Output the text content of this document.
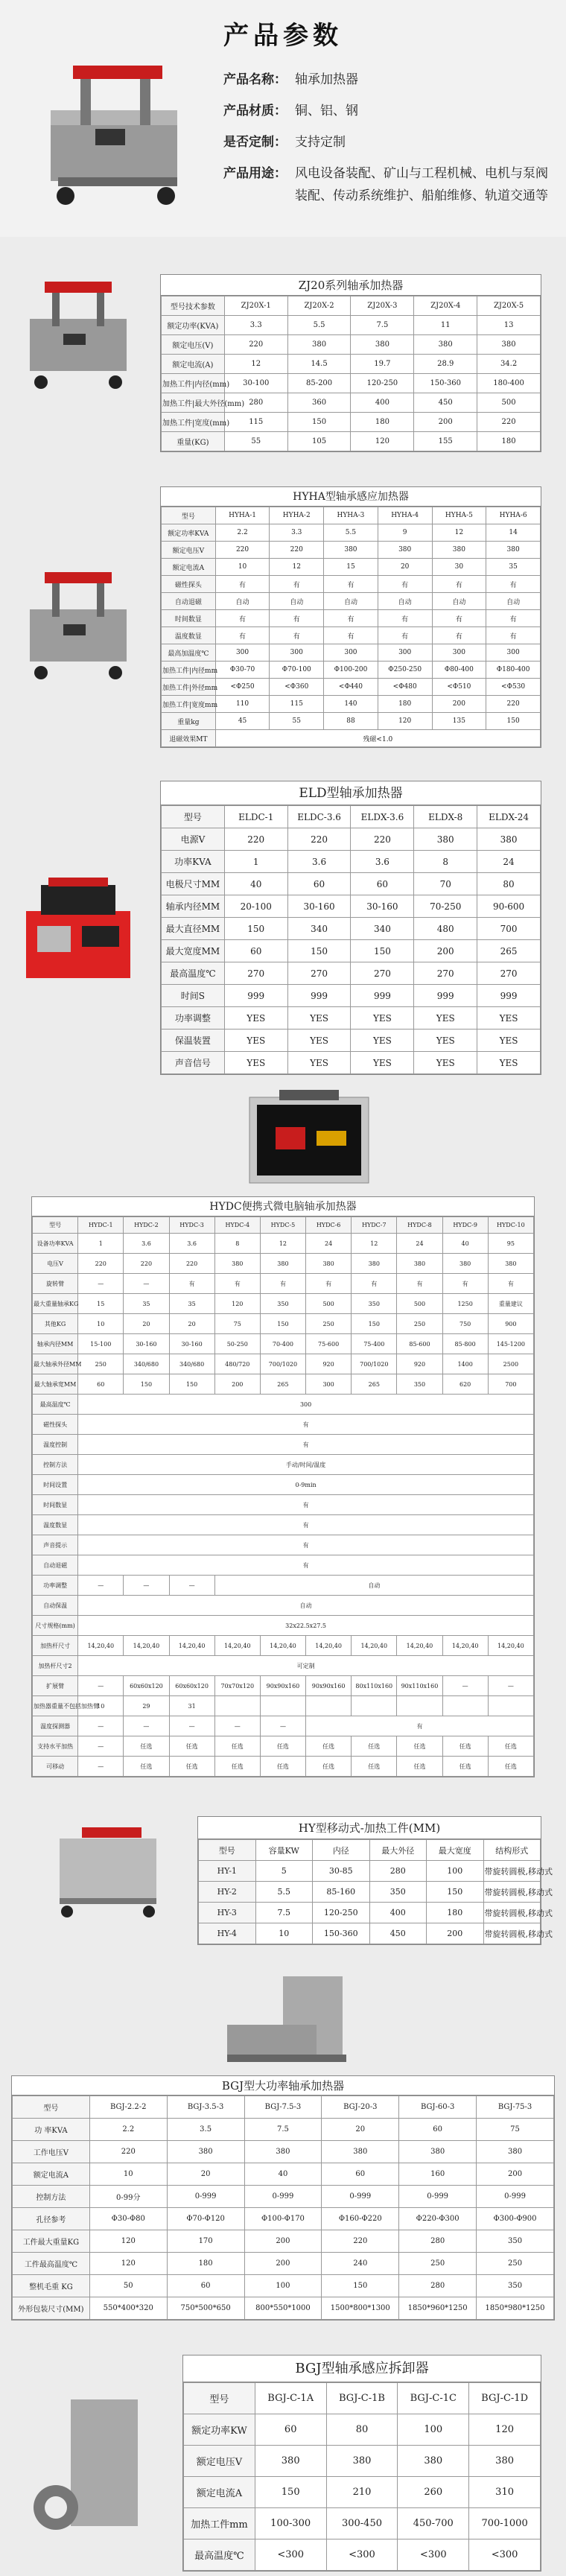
产品参数
产品名称： 轴承加热器
产品材质： 铜、铝、钢
是否定制： 支持定制
产品用途： 风电设备装配、矿山与工程机械、电机与泵阀装配、传动系统维护、船舶维修、轨道交通等
ZJ20系列轴承加热器
型号技术参数	ZJ20X-1	ZJ20X-2	ZJ20X-3	ZJ20X-4	ZJ20X-5
额定功率(KVA)	3.3	5.5	7.5	11	13
额定电压(V)	220	380	380	380	380
额定电流(A)	12	14.5	19.7	28.9	34.2
加热工件|内径(mm)	30-100	85-200	120-250	150-360	180-400
加热工件|最大外径(mm)	280	360	400	450	500
加热工件|宽度(mm)	115	150	180	200	220
重量(KG)	55	105	120	155	180
HYHA型轴承感应加热器
型号	HYHA-1	HYHA-2	HYHA-3	HYHA-4	HYHA-5	HYHA-6
额定功率KVA	2.2	3.3	5.5	9	12	14
额定电压V	220	220	380	380	380	380
额定电流A	10	12	15	20	30	35
磁性探头	有	有	有	有	有	有
自动退磁	自动	自动	自动	自动	自动	自动
时间数显	有	有	有	有	有	有
温度数显	有	有	有	有	有	有
最高加温度℃	300	300	300	300	300	300
加热工件|内径mm	Φ30-70	Φ70-100	Φ100-200	Φ250-250	Φ80-400	Φ180-400
加热工件|外径mm	<Φ250	<Φ360	<Φ440	<Φ480	<Φ510	<Φ530
加热工件|宽度mm	110	115	140	180	200	220
重量kg	45	55	88	120	135	150
退磁效果MT	残磁<1.0					
ELD型轴承加热器
型号	ELDC-1	ELDC-3.6	ELDX-3.6	ELDX-8	ELDX-24
电源V	220	220	220	380	380
功率KVA	1	3.6	3.6	8	24
电极尺寸MM	40	60	60	70	80
轴承内径MM	20-100	30-160	30-160	70-250	90-600
最大直径MM	150	340	340	480	700
最大宽度MM	60	150	150	200	265
最高温度℃	270	270	270	270	270
时间S	999	999	999	999	999
功率调整	YES	YES	YES	YES	YES
保温装置	YES	YES	YES	YES	YES
声音信号	YES	YES	YES	YES	YES
HYDC便携式微电脑轴承加热器
型号	HYDC-1	HYDC-2	HYDC-3	HYDC-4	HYDC-5	HYDC-6	HYDC-7	HYDC-8	HYDC-9	HYDC-10
设备功率KVA	1	3.6	3.6	8	12	24	12	24	40	95
电压V	220	220	220	380	380	380	380	380	380	380
旋转臂	—	—	有	有	有	有	有	有	有	有
最大重量轴承KG	15	35	35	120	350	500	350	500	1250	重量建议
其他KG	10	20	20	75	150	250	150	250	750	900
轴承内径MM	15-100	30-160	30-160	50-250	70-400	75-600	75-400	85-600	85-800	145-1200
最大轴承外径MM	250	340/680	340/680	480/720	700/1020	920	700/1020	920	1400	2500
最大轴承宽MM	60	150	150	200	265	300	265	350	620	700
最高温度℃	300									
磁性探头	有									
温度控制	有									
控制方法	手动/时间/温度									
时间设置	0-9min									
时间数显	有									
温度数显	有									
声音提示	有									
自动退磁	有									
功率调整	—	—	—	自动						
自动保温	自动									
尺寸规格(mm)	32x22.5x27.5									
加热杆尺寸	14,20,40	14,20,40	14,20,40	14,20,40	14,20,40	14,20,40	14,20,40	14,20,40	14,20,40	14,20,40
加热杆尺寸2	可定制									
扩展臂	—	60x60x120	60x60x120	70x70x120	90x90x160	90x90x160	80x110x160	90x110x160	—	—
加热器重量不包括加热臂	10	29	31							
温度探测器	—	—	—	—	—	有				
支持水平加热	—	任选	任选	任选	任选	任选	任选	任选	任选	任选
可移动	—	任选	任选	任选	任选	任选	任选	任选	任选	任选
HY型移动式-加热工件(MM)
型号	容量KW	内径	最大外径	最大宽度	结构形式
HY-1	5	30-85	280	100	带旋转圆极,移动式
HY-2	5.5	85-160	350	150	带旋转圆极,移动式
HY-3	7.5	120-250	400	180	带旋转圆极,移动式
HY-4	10	150-360	450	200	带旋转圆极,移动式
BGJ型大功率轴承加热器
型号	BGJ-2.2-2	BGJ-3.5-3	BGJ-7.5-3	BGJ-20-3	BGJ-60-3	BGJ-75-3
功 率KVA	2.2	3.5	7.5	20	60	75
工作电压V	220	380	380	380	380	380
额定电流A	10	20	40	60	160	200
控制方法	0-99分	0-999	0-999	0-999	0-999	0-999
孔径参考	Φ30-Φ80	Φ70-Φ120	Φ100-Φ170	Φ160-Φ220	Φ220-Φ300	Φ300-Φ900
工件最大重量KG	120	170	200	220	280	350
工件最高温度℃	120	180	200	240	250	250
整机毛重 KG	50	60	100	150	280	350
外形包装尺寸(MM)	550*400*320	750*500*650	800*550*1000	1500*800*1300	1850*960*1250	1850*980*1250
BGJ型轴承感应拆卸器
型号	BGJ-C-1A	BGJ-C-1B	BGJ-C-1C	BGJ-C-1D
额定功率KW	60	80	100	120
额定电压V	380	380	380	380
额定电流A	150	210	260	310
加热工件mm	100-300	300-450	450-700	700-1000
最高温度℃	<300	<300	<300	<300
